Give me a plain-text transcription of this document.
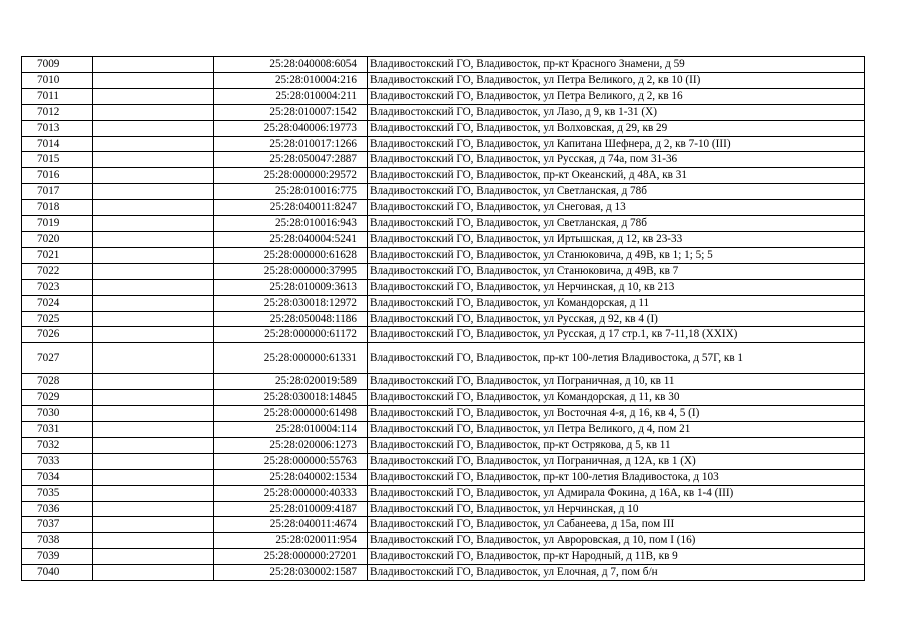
7009		25:28:040008:6054	Владивостокский ГО, Владивосток, пр-кт Красного Знамени, д 59
7010		25:28:010004:216	Владивостокский ГО, Владивосток, ул Петра Великого, д 2, кв 10 (II)
7011		25:28:010004:211	Владивостокский ГО, Владивосток, ул Петра Великого, д 2, кв 16
7012		25:28:010007:1542	Владивостокский ГО, Владивосток, ул Лазо, д 9, кв 1-31 (X)
7013		25:28:040006:19773	Владивостокский ГО, Владивосток, ул Волховская, д 29, кв 29
7014		25:28:010017:1266	Владивостокский ГО, Владивосток, ул Капитана Шефнера, д 2, кв 7-10 (III)
7015		25:28:050047:2887	Владивостокский ГО, Владивосток, ул Русская, д 74а, пом 31-36
7016		25:28:000000:29572	Владивостокский ГО, Владивосток, пр-кт Океанский, д 48А, кв 31
7017		25:28:010016:775	Владивостокский ГО, Владивосток, ул Светланская, д 78б
7018		25:28:040011:8247	Владивостокский ГО, Владивосток, ул Снеговая, д 13
7019		25:28:010016:943	Владивостокский ГО, Владивосток, ул Светланская, д 78б
7020		25:28:040004:5241	Владивостокский ГО, Владивосток, ул Иртышская, д 12, кв 23-33
7021		25:28:000000:61628	Владивостокский ГО, Владивосток, ул Станюковича, д 49В, кв 1; 1; 5; 5
7022		25:28:000000:37995	Владивостокский ГО, Владивосток, ул Станюковича, д 49В, кв 7
7023		25:28:010009:3613	Владивостокский ГО, Владивосток, ул Нерчинская, д 10, кв 213
7024		25:28:030018:12972	Владивостокский ГО, Владивосток, ул Командорская, д 11
7025		25:28:050048:1186	Владивостокский ГО, Владивосток, ул Русская, д 92, кв 4 (I)
7026		25:28:000000:61172	Владивостокский ГО, Владивосток, ул Русская, д 17 стр.1, кв 7-11,18 (XXIX)
7027		25:28:000000:61331	Владивостокский ГО, Владивосток, пр-кт 100-летия Владивостока, д 57Г, кв 1
7028		25:28:020019:589	Владивостокский ГО, Владивосток, ул Пограничная, д 10, кв 11
7029		25:28:030018:14845	Владивостокский ГО, Владивосток, ул Командорская, д 11, кв 30
7030		25:28:000000:61498	Владивостокский ГО, Владивосток, ул Восточная 4-я, д 16, кв 4, 5 (I)
7031		25:28:010004:114	Владивостокский ГО, Владивосток, ул Петра Великого, д 4, пом 21
7032		25:28:020006:1273	Владивостокский ГО, Владивосток, пр-кт Острякова, д 5, кв 11
7033		25:28:000000:55763	Владивостокский ГО, Владивосток, ул Пограничная, д 12А, кв 1 (X)
7034		25:28:040002:1534	Владивостокский ГО, Владивосток, пр-кт 100-летия Владивостока, д 103
7035		25:28:000000:40333	Владивостокский ГО, Владивосток, ул Адмирала Фокина, д 16А, кв 1-4 (III)
7036		25:28:010009:4187	Владивостокский ГО, Владивосток, ул Нерчинская, д 10
7037		25:28:040011:4674	Владивостокский ГО, Владивосток, ул Сабанеева, д 15а, пом III
7038		25:28:020011:954	Владивостокский ГО, Владивосток, ул Авроровская, д 10, пом I (16)
7039		25:28:000000:27201	Владивостокский ГО, Владивосток, пр-кт Народный, д 11В, кв 9
7040		25:28:030002:1587	Владивостокский ГО, Владивосток, ул Елочная, д 7, пом б/н
